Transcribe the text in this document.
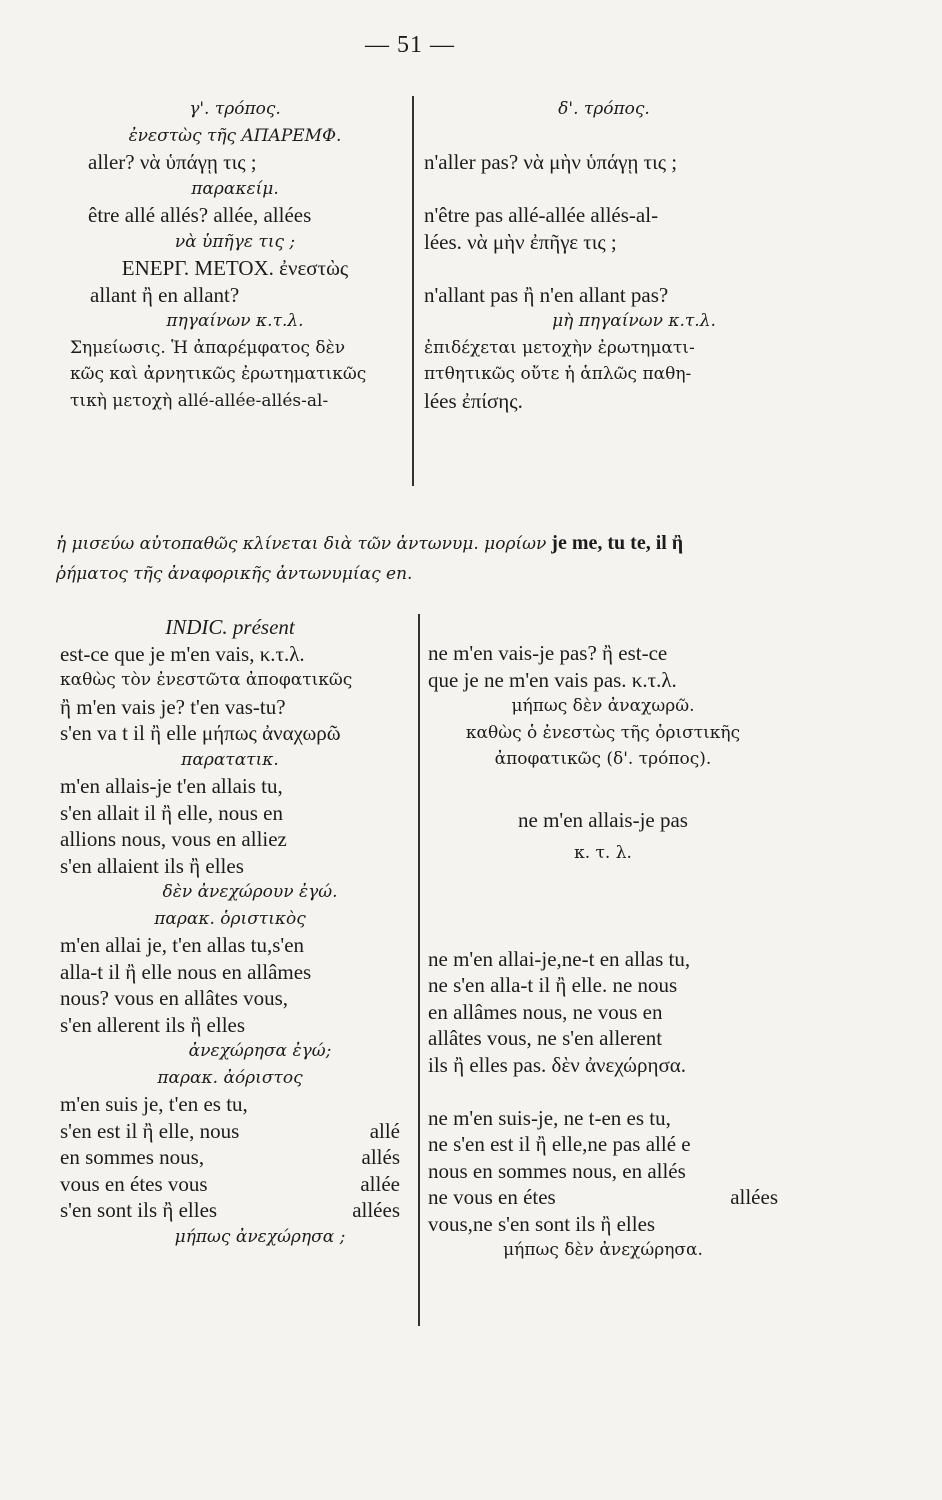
— 51 —
γ'. τρόπος.
ἐνεστὼς τῆς ΑΠΑΡΕΜΦ.
aller? νὰ ὑπάγῃ τις ;
παρακείμ.
être allé allés? allée, allées
νὰ ὑπῆγε τις ;
ΕΝΕΡΓ. ΜΕΤΟΧ. ἐνεστὼς
allant ἢ en allant?
πηγαίνων κ.τ.λ.
Σημείωσις. Ἡ ἀπαρέμφατος δὲν
κῶς καὶ ἀρνητικῶς ἐρωτηματικῶς
τικὴ μετοχὴ allé-allée-allés-al-
δ'. τρόπος.
n'aller pas? νὰ μὴν ὑπάγῃ τις ;
n'être pas allé-allée allés-al-
lées. νὰ μὴν ἐπῆγε τις ;
n'allant pas ἢ n'en allant pas?
μὴ πηγαίνων κ.τ.λ.
ἐπιδέχεται μετοχὴν ἐρωτηματι-
πτθητικῶς οὔτε ἡ ἁπλῶς παθη-
lées ἐπίσης.
ἡ μισεύω αὐτοπαθῶς κλίνεται διὰ τῶν ἀντωνυμ. μορίων je me, tu te, il ἢ
ῥήματος τῆς ἀναφορικῆς ἀντωνυμίας en.
INDIC. présent
est-ce que je m'en vais, κ.τ.λ.
καθὼς τὸν ἐνεστῶτα ἀποφατικῶς
ἢ m'en vais je? t'en vas-tu?
s'en va t il ἢ elle μήπως ἀναχωρῶ
παρατατικ.
m'en allais-je t'en allais tu,
s'en allait il ἢ elle, nous en
allions nous, vous en alliez
s'en allaient ils ἢ elles
δὲν ἀνεχώρουν ἐγώ.
παρακ. ὁριστικὸς
m'en allai je, t'en allas tu,s'en
alla-t il ἢ elle nous en allâmes
nous? vous en allâtes vous,
s'en allerent ils ἢ elles
ἀνεχώρησα ἐγώ;
παρακ. ἀόριστος
m'en suis je, t'en es tu,
s'en est il ἢ elle, nous	allé
en sommes nous,	allés
vous en étes vous	allée
s'en sont ils ἢ elles	allées
μήπως ἀνεχώρησα ;
ne m'en vais-je pas? ἢ est-ce
que je ne m'en vais pas. κ.τ.λ.
μήπως δὲν ἀναχωρῶ.
καθὼς ὁ ἐνεστὼς τῆς ὁριστικῆς
ἀποφατικῶς (δ'. τρόπος).
ne m'en allais-je pas
κ. τ. λ.
ne m'en allai-je,ne-t en allas tu,
ne s'en alla-t il ἢ elle. ne nous
en allâmes nous, ne vous en
allâtes vous, ne s'en allerent
ils ἢ elles pas. δὲν ἀνεχώρησα.
ne m'en suis-je, ne t-en es tu,
ne s'en est il ἢ elle,ne pas allé e
nous en sommes nous, en allés
ne vous en étes	allées
vous,ne s'en sont ils ἢ elles
μήπως δὲν ἀνεχώρησα.
